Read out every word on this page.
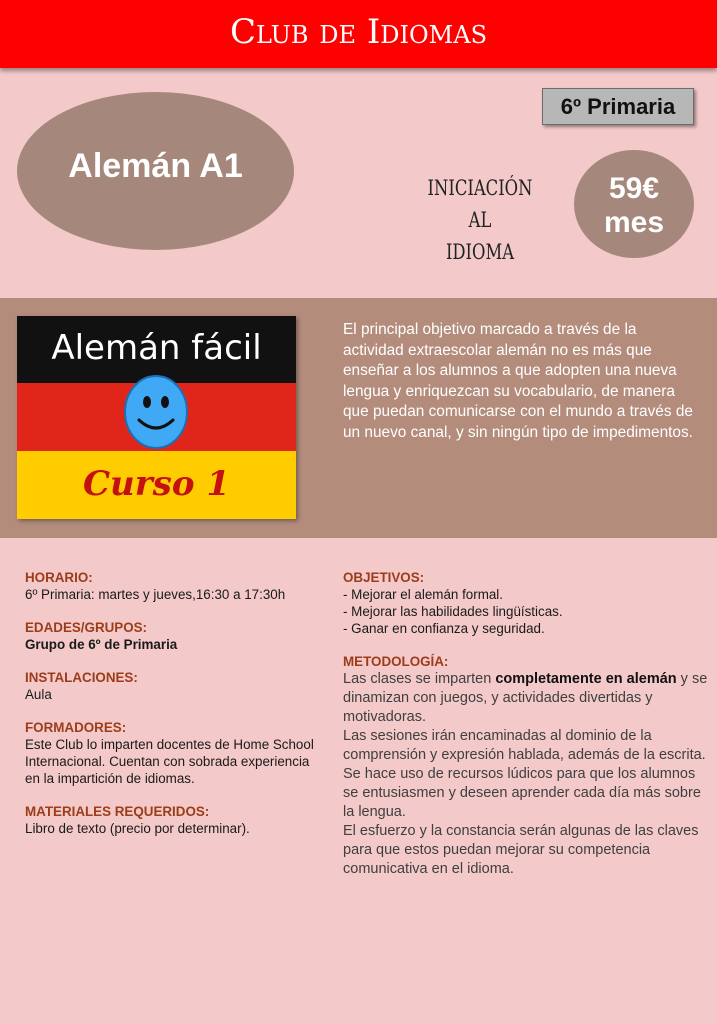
Club de Idiomas
6º Primaria
Alemán A1
INICIACIÓN AL
IDIOMA
59€
mes
Alemán fácil
Curso 1
El principal objetivo marcado a través de la actividad extraescolar alemán no es más que enseñar a los alumnos a que adopten una nueva lengua y enriquezcan su vocabulario, de manera que puedan comunicarse con el mundo a través de un nuevo canal, y sin ningún tipo de impedimentos.
HORARIO:
6º Primaria: martes y jueves,16:30 a 17:30h
EDADES/GRUPOS:
Grupo de 6º de Primaria
INSTALACIONES:
Aula
FORMADORES:
Este Club lo imparten docentes de Home School Internacional. Cuentan con sobrada experiencia en la impartición de idiomas.
MATERIALES REQUERIDOS:
Libro de texto (precio por determinar).
OBJETIVOS:
- Mejorar el alemán formal.
- Mejorar las habilidades lingüísticas.
- Ganar en confianza y seguridad.
METODOLOGÍA:
Las clases se imparten completamente en alemán y se dinamizan con juegos, y actividades divertidas y motivadoras.
Las sesiones irán encaminadas al dominio de la comprensión y expresión hablada, además de la escrita.
Se hace uso de recursos lúdicos para que los alumnos se entusiasmen y deseen aprender cada día más sobre la lengua.
El esfuerzo y la constancia serán algunas de las claves para que estos puedan mejorar su competencia comunicativa en el idioma.
